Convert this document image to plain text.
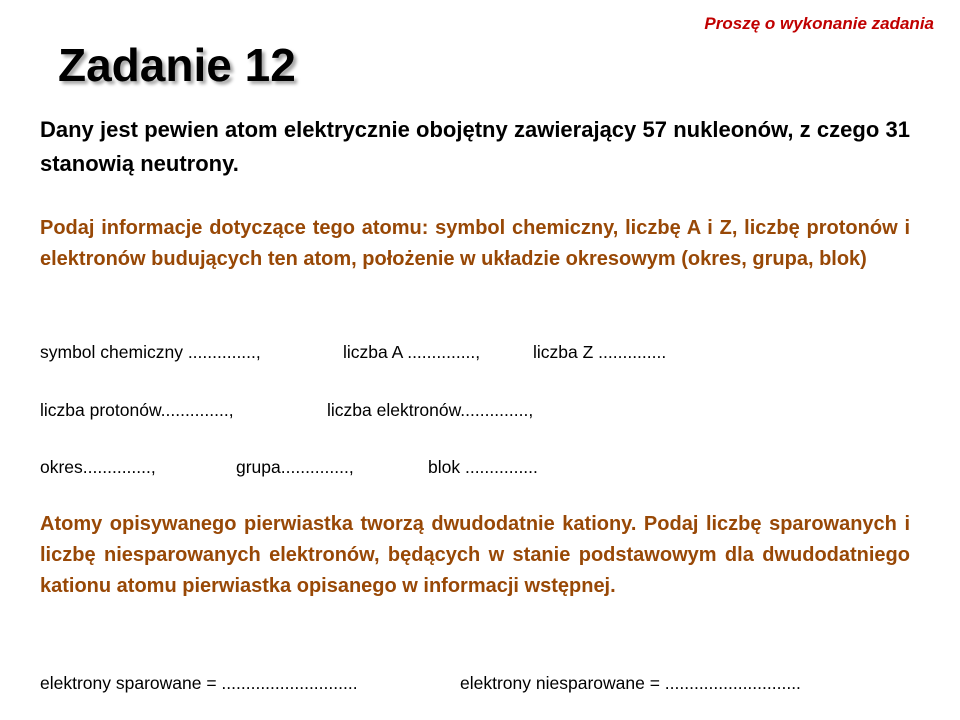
Proszę o wykonanie zadania
Zadanie 12

Dany jest pewien atom elektrycznie obojętny zawierający 57 nukleonów, z czego 31 stanowią neutrony.

Podaj informacje dotyczące tego atomu: symbol chemiczny, liczbę A i Z, liczbę protonów i elektronów budujących ten atom, położenie w układzie okresowym (okres, grupa, blok)

symbol chemiczny ..............,	liczba A ..............,	liczba Z ..............
liczba protonów..............,	liczba elektronów..............,
okres..............,	grupa..............,	blok ...............

Atomy opisywanego pierwiastka tworzą dwudodatnie kationy. Podaj liczbę sparowanych i liczbę niesparowanych elektronów, będących w stanie podstawowym dla dwudodatniego kationu atomu pierwiastka opisanego w informacji wstępnej.

elektrony sparowane = ............................	elektrony niesparowane = ............................
